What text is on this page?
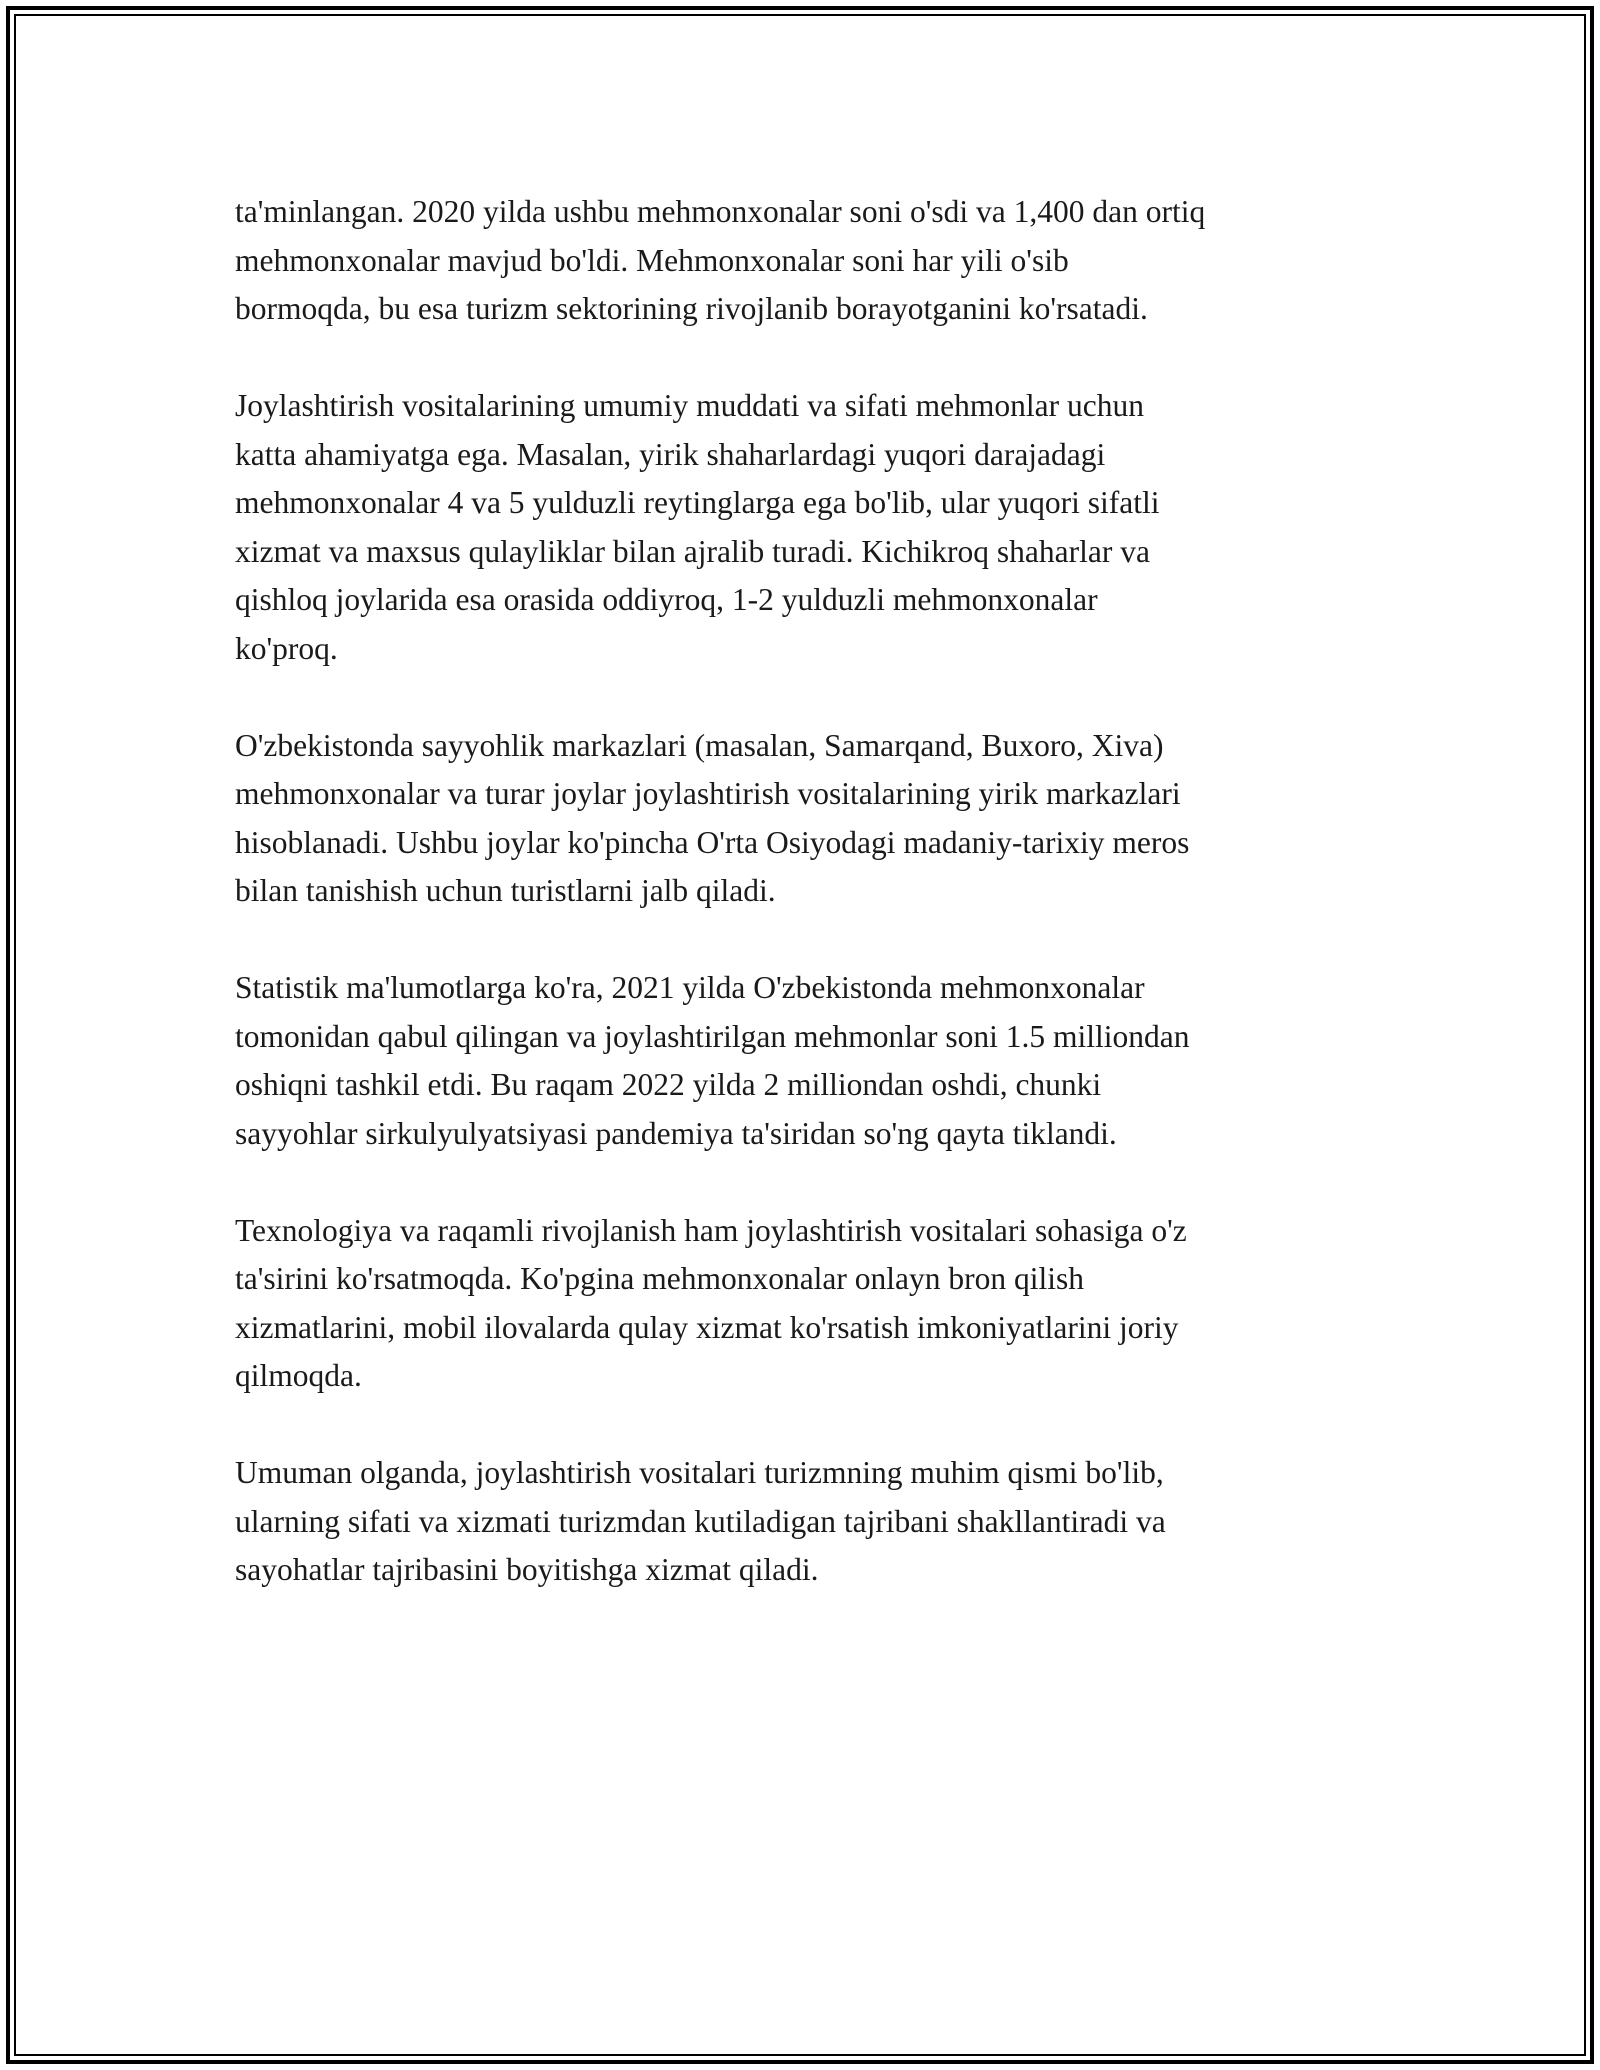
ta'minlangan. 2020 yilda ushbu mehmonxonalar soni o'sdi va 1,400 dan ortiq
mehmonxonalar mavjud bo'ldi. Mehmonxonalar soni har yili o'sib
bormoqda, bu esa turizm sektorining rivojlanib borayotganini ko'rsatadi.

Joylashtirish vositalarining umumiy muddati va sifati mehmonlar uchun
katta ahamiyatga ega. Masalan, yirik shaharlardagi yuqori darajadagi
mehmonxonalar 4 va 5 yulduzli reytinglarga ega bo'lib, ular yuqori sifatli
xizmat va maxsus qulayliklar bilan ajralib turadi. Kichikroq shaharlar va
qishloq joylarida esa orasida oddiyroq, 1-2 yulduzli mehmonxonalar
ko'proq.

O'zbekistonda sayyohlik markazlari (masalan, Samarqand, Buxoro, Xiva)
mehmonxonalar va turar joylar joylashtirish vositalarining yirik markazlari
hisoblanadi. Ushbu joylar ko'pincha O'rta Osiyodagi madaniy-tarixiy meros
bilan tanishish uchun turistlarni jalb qiladi.

Statistik ma'lumotlarga ko'ra, 2021 yilda O'zbekistonda mehmonxonalar
tomonidan qabul qilingan va joylashtirilgan mehmonlar soni 1.5 milliondan
oshiqni tashkil etdi. Bu raqam 2022 yilda 2 milliondan oshdi, chunki
sayyohlar sirkulyulyatsiyasi pandemiya ta'siridan so'ng qayta tiklandi.

Texnologiya va raqamli rivojlanish ham joylashtirish vositalari sohasiga o'z
ta'sirini ko'rsatmoqda. Ko'pgina mehmonxonalar onlayn bron qilish
xizmatlarini, mobil ilovalarda qulay xizmat ko'rsatish imkoniyatlarini joriy
qilmoqda.

Umuman olganda, joylashtirish vositalari turizmning muhim qismi bo'lib,
ularning sifati va xizmati turizmdan kutiladigan tajribani shakllantiradi va
sayohatlar tajribasini boyitishga xizmat qiladi.
